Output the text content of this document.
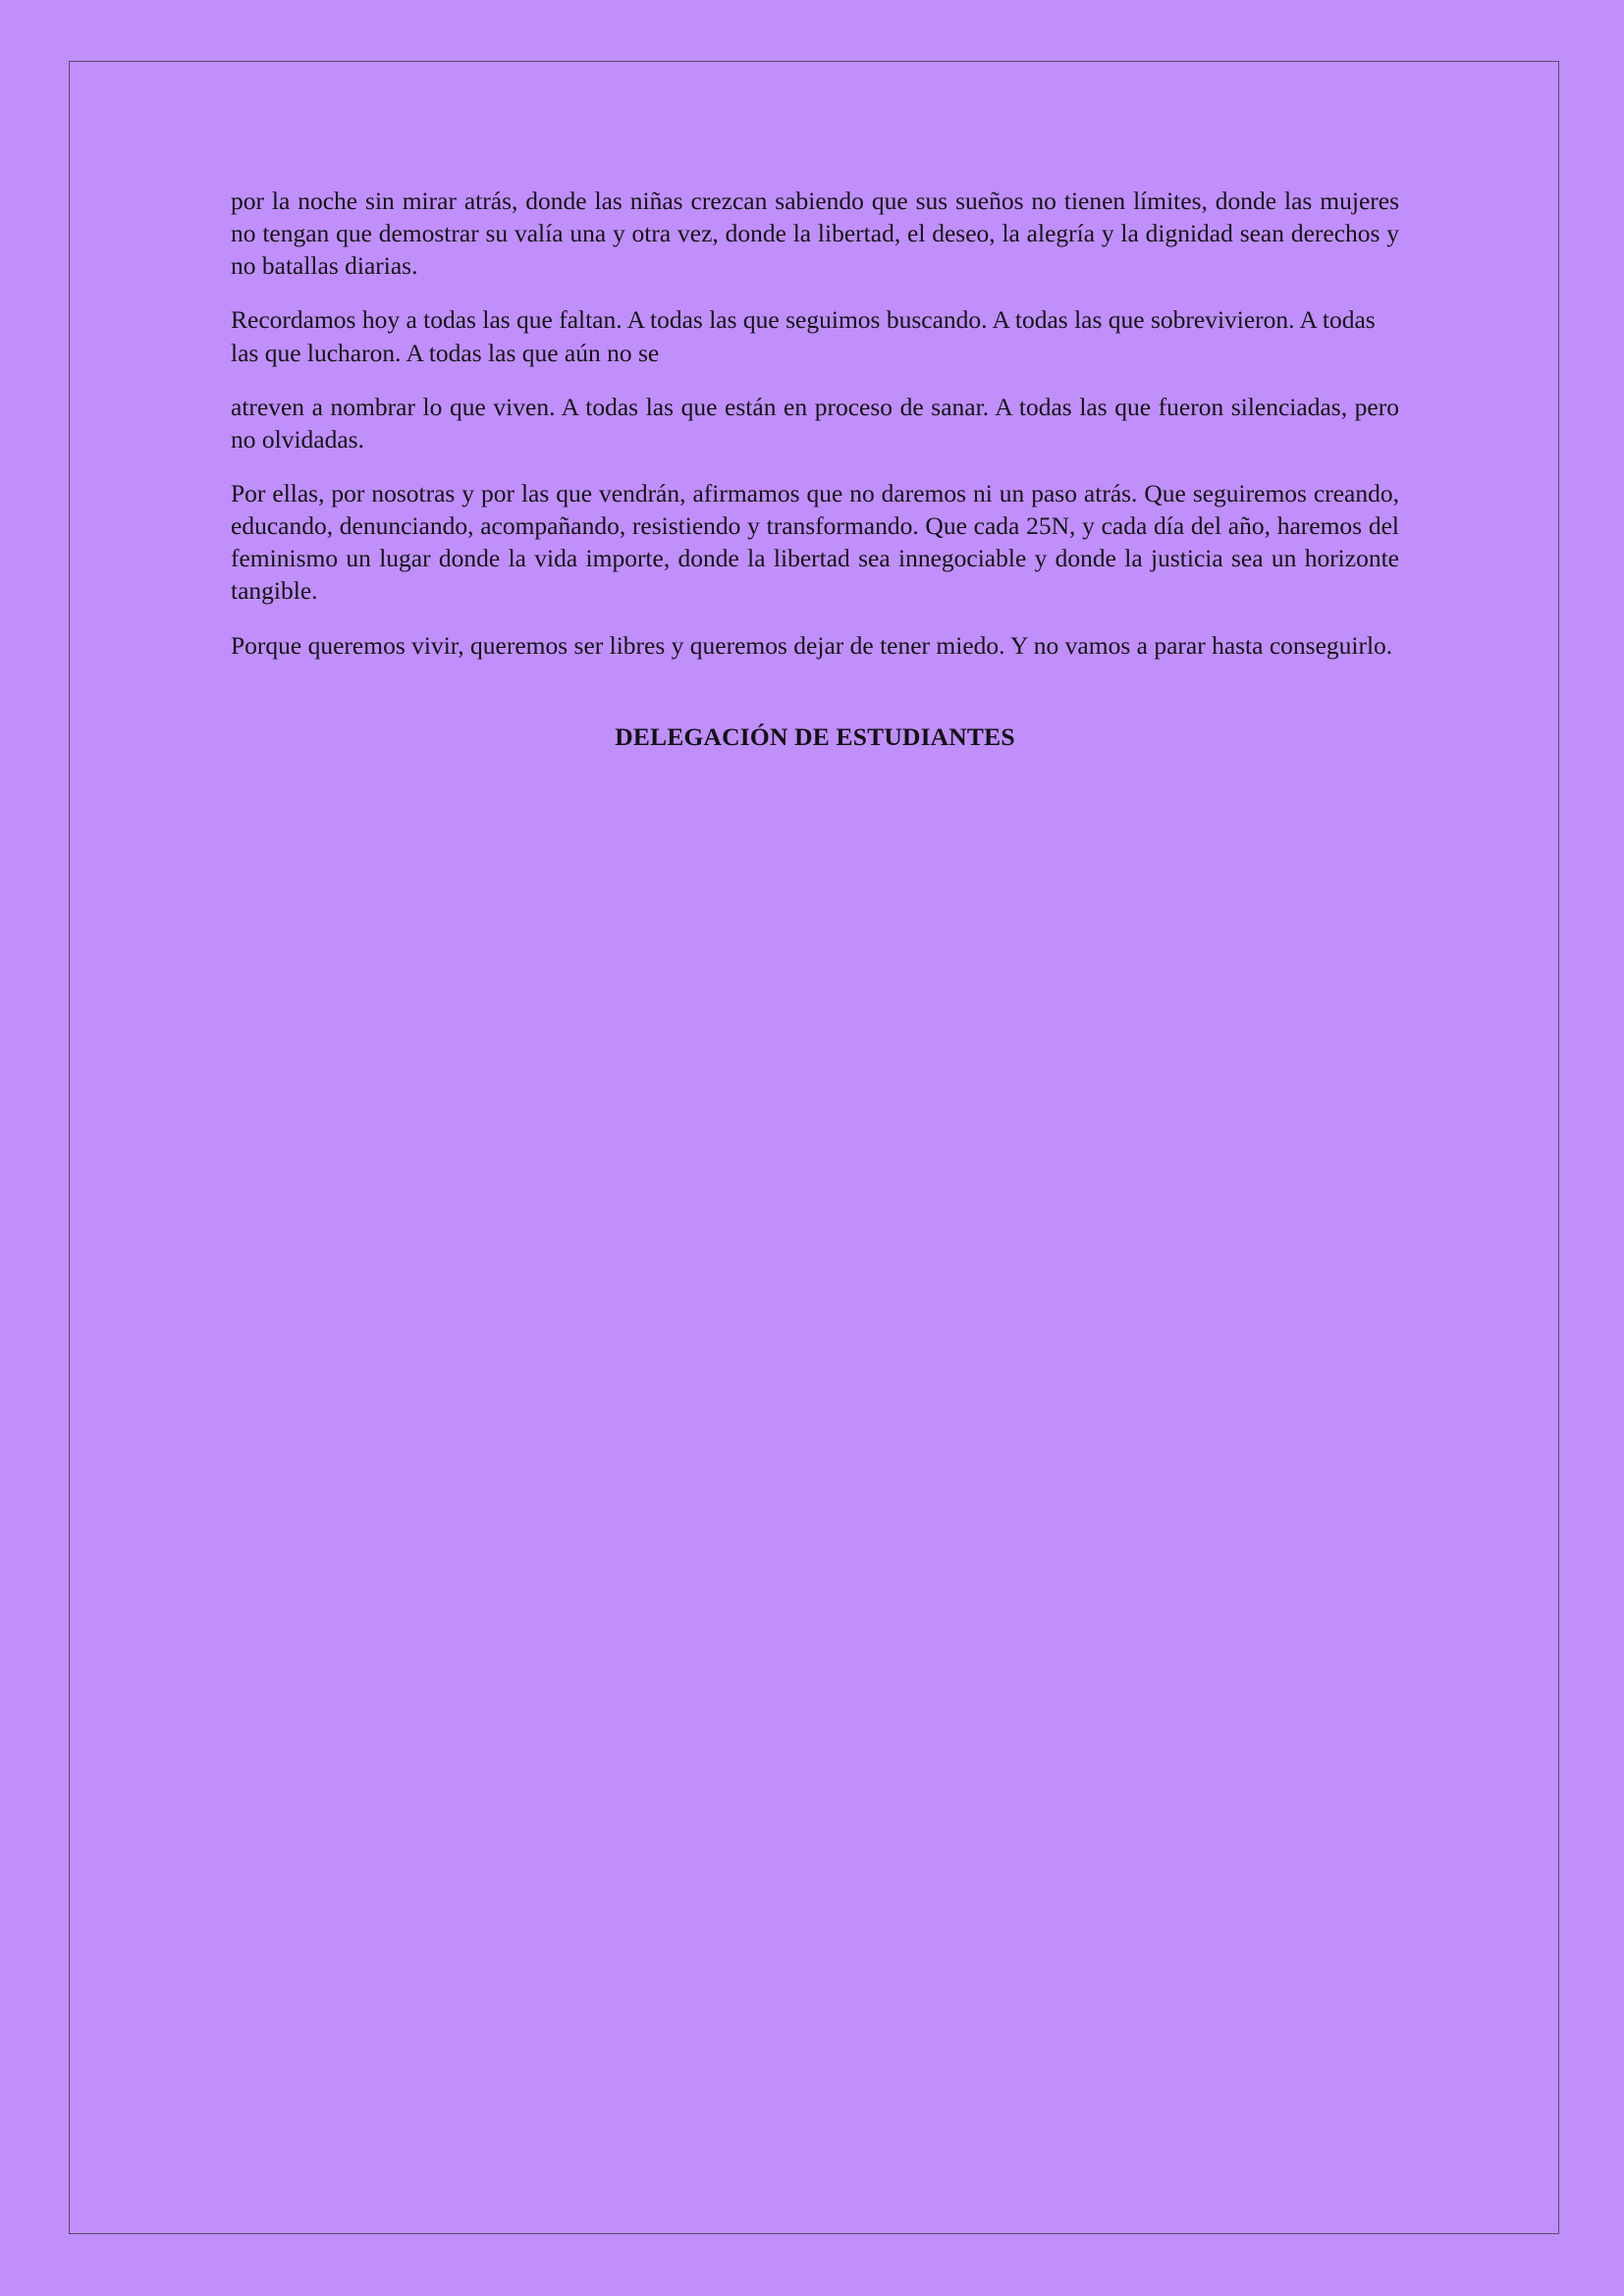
por la noche sin mirar atrás, donde las niñas crezcan sabiendo que sus sueños no tienen límites, donde las mujeres no tengan que demostrar su valía una y otra vez, donde la libertad, el deseo, la alegría y la dignidad sean derechos y no batallas diarias.

Recordamos hoy a todas las que faltan. A todas las que seguimos buscando. A todas las que sobrevivieron. A todas las que lucharon. A todas las que aún no se

atreven a nombrar lo que viven. A todas las que están en proceso de sanar. A todas las que fueron silenciadas, pero no olvidadas.

Por ellas, por nosotras y por las que vendrán, afirmamos que no daremos ni un paso atrás. Que seguiremos creando, educando, denunciando, acompañando, resistiendo y transformando. Que cada 25N, y cada día del año, haremos del feminismo un lugar donde la vida importe, donde la libertad sea innegociable y donde la justicia sea un horizonte tangible.

Porque queremos vivir, queremos ser libres y queremos dejar de tener miedo. Y no vamos a parar hasta conseguirlo.

DELEGACIÓN DE ESTUDIANTES
